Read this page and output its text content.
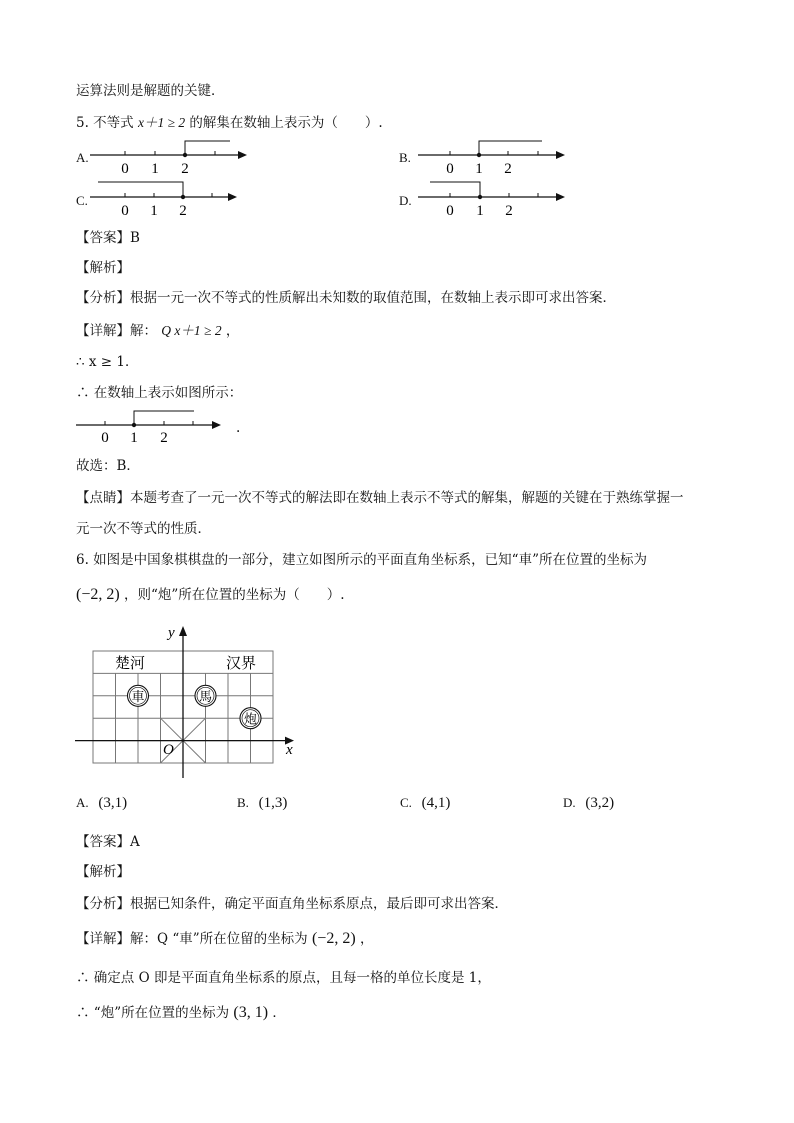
运算法则是解题的关键．
5. 不等式 x＋1 ≥ 2 的解集在数轴上表示为（　　）.
A.
0 1 2
B.
0 1 2
C.
0 1 2
D.
0 1 2
【答案】B
【解析】
【分析】根据一元一次不等式的性质解出未知数的取值范围，在数轴上表示即可求出答案．
【详解】解： Q x＋1 ≥ 2 ，
∴ x ≥ 1．
∴ 在数轴上表示如图所示：
0 1 2
.
故选：B．
【点睛】本题考查了一元一次不等式的解法即在数轴上表示不等式的解集，解题的关键在于熟练掌握一
元一次不等式的性质．
6. 如图是中国象棋棋盘的一部分，建立如图所示的平面直角坐标系，已知“車”所在位置的坐标为
(−2, 2) ，则“炮”所在位置的坐标为（　　）.
x
y
O
楚河	汉界
車	馬
炮
A. (3,1)	B. (1,3)	C. (4,1)	D. (3,2)
【答案】A
【解析】
【分析】根据已知条件，确定平面直角坐标系原点，最后即可求出答案．
【详解】解：Q “車”所在位留的坐标为 (−2, 2) ，
∴ 确定点 O 即是平面直角坐标系的原点，且每一格的单位长度是 1，
∴ “炮”所在位置的坐标为 (3, 1) ．
